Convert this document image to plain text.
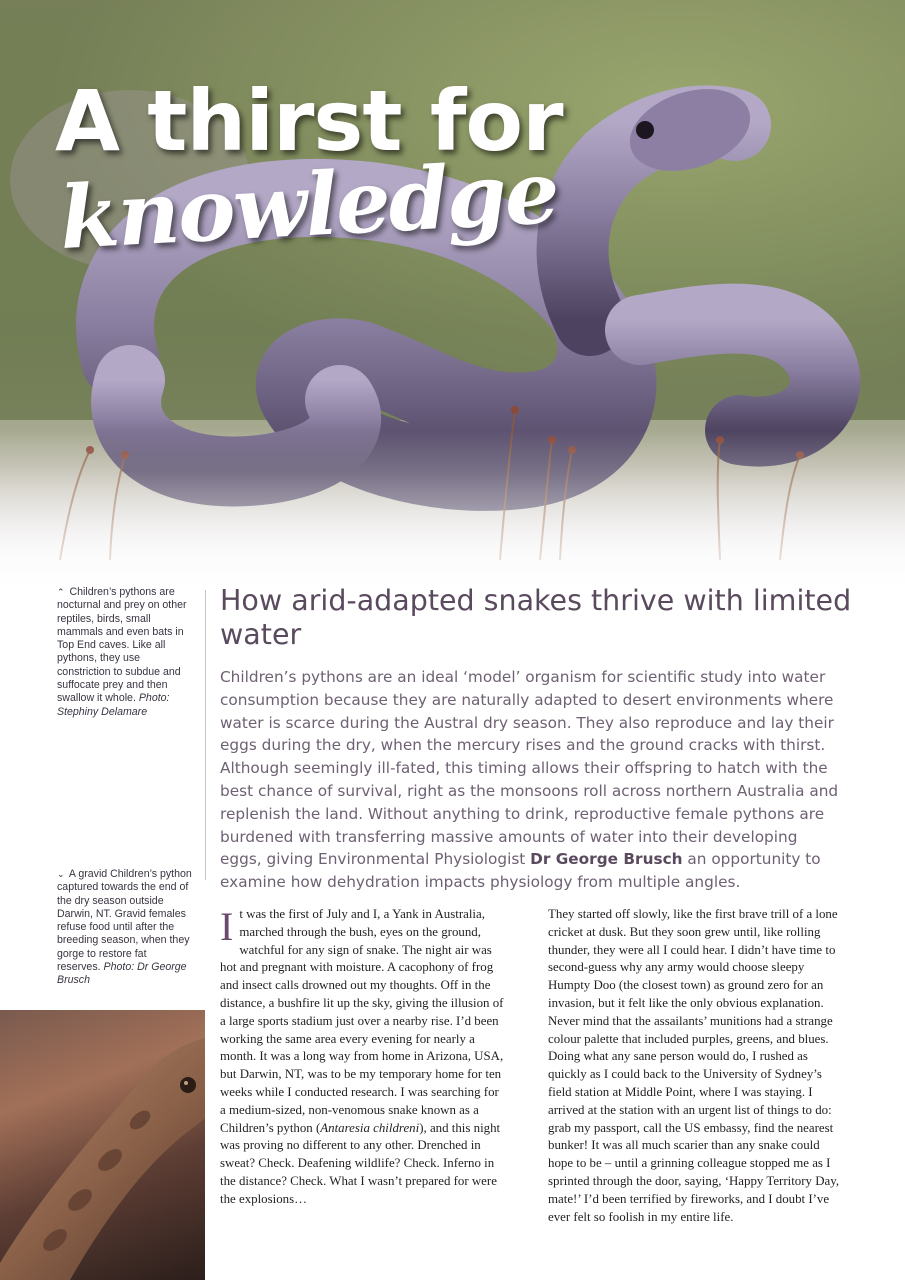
A thirst for
knowledge
⌃ Children’s pythons are nocturnal and prey on other reptiles, birds, small mammals and even bats in Top End caves. Like all pythons, they use constriction to subdue and suffocate prey and then swallow it whole. Photo: Stephiny Delamare
⌄ A gravid Children’s python captured towards the end of the dry season outside Darwin, NT. Gravid females refuse food until after the breeding season, when they gorge to restore fat reserves. Photo: Dr George Brusch
How arid-adapted snakes thrive with limited water

Children’s pythons are an ideal ‘model’ organism for scientific study into water consumption because they are naturally adapted to desert environments where water is scarce during the Austral dry season. They also reproduce and lay their eggs during the dry, when the mercury rises and the ground cracks with thirst. Although seemingly ill-fated, this timing allows their offspring to hatch with the best chance of survival, right as the monsoons roll across northern Australia and replenish the land. Without anything to drink, reproductive female pythons are burdened with transferring massive amounts of water into their developing eggs, giving Environmental Physiologist Dr George Brusch an opportunity to examine how dehydration impacts physiology from multiple angles.

It was the first of July and I, a Yank in Australia, marched through the bush, eyes on the ground, watchful for any sign of snake. The night air was hot and pregnant with moisture. A cacophony of frog and insect calls drowned out my thoughts. Off in the distance, a bushfire lit up the sky, giving the illusion of a large sports stadium just over a nearby rise. I’d been working the same area every evening for nearly a month. It was a long way from home in Arizona, USA, but Darwin, NT, was to be my temporary home for ten weeks while I conducted research. I was searching for a medium-sized, non-venomous snake known as a Children’s python (Antaresia childreni), and this night was proving no different to any other. Drenched in sweat? Check. Deafening wildlife? Check. Inferno in the distance? Check. What I wasn’t prepared for were the explosions…

They started off slowly, like the first brave trill of a lone cricket at dusk. But they soon grew until, like rolling thunder, they were all I could hear. I didn’t have time to second-guess why any army would choose sleepy Humpty Doo (the closest town) as ground zero for an invasion, but it felt like the only obvious explanation. Never mind that the assailants’ munitions had a strange colour palette that included purples, greens, and blues. Doing what any sane person would do, I rushed as quickly as I could back to the University of Sydney’s field station at Middle Point, where I was staying. I arrived at the station with an urgent list of things to do: grab my passport, call the US embassy, find the nearest bunker! It was all much scarier than any snake could hope to be – until a grinning colleague stopped me as I sprinted through the door, saying, ‘Happy Territory Day, mate!’ I’d been terrified by fireworks, and I doubt I’ve ever felt so foolish in my entire life.
